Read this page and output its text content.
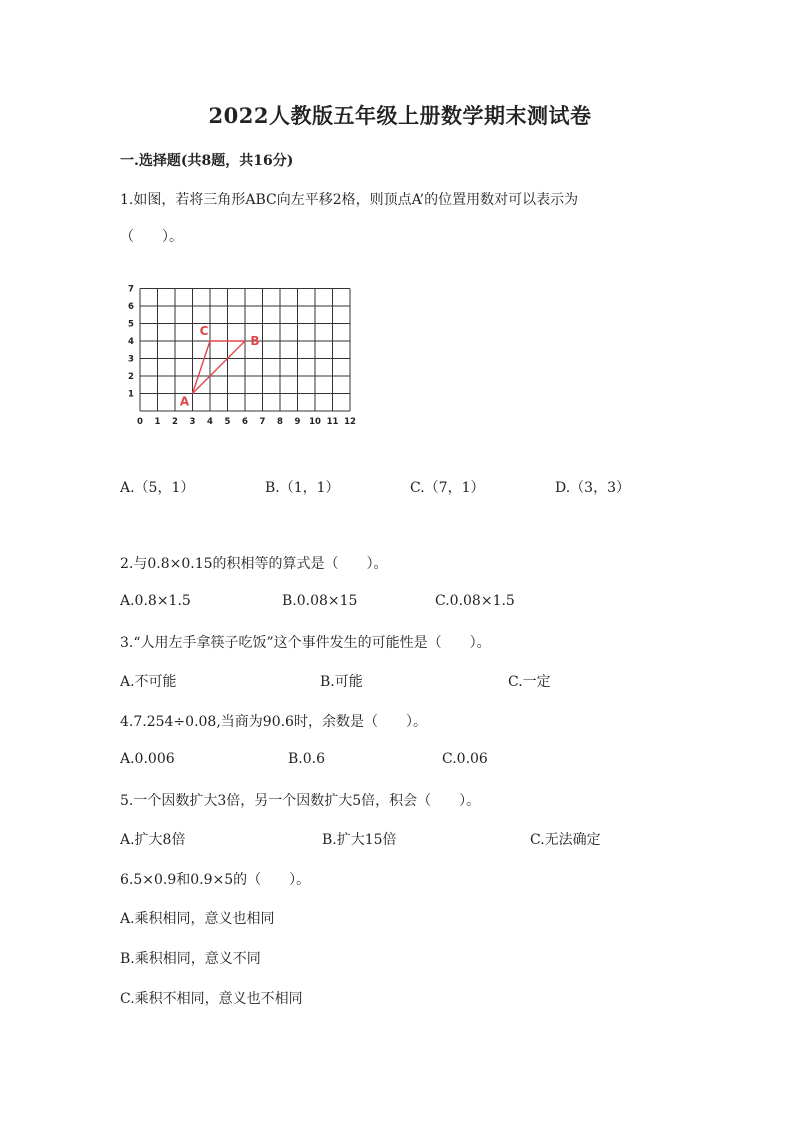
2022人教版五年级上册数学期末测试卷
一.选择题(共8题，共16分)
1.如图，若将三角形ABC向左平移2格，则顶点A’的位置用数对可以表示为
（　　）。
0 1 2 3 4 5 6 7 8 9 10 11 12
1
2
3
4
5
6
7
A
B
C
A.（5，1）	B.（1，1）	C.（7，1）	D.（3，3）
2.与0.8×0.15的积相等的算式是（　　）。
A.0.8×1.5	B.0.08×15	C.0.08×1.5
3.“人用左手拿筷子吃饭”这个事件发生的可能性是（　　）。
A.不可能	B.可能	C.一定
4.7.254÷0.08,当商为90.6时，余数是（　　）。
A.0.006	B.0.6	C.0.06
5.一个因数扩大3倍，另一个因数扩大5倍，积会（　　）。
A.扩大8倍	B.扩大15倍	C.无法确定
6.5×0.9和0.9×5的（　　）。
A.乘积相同，意义也相同
B.乘积相同，意义不同
C.乘积不相同，意义也不相同
